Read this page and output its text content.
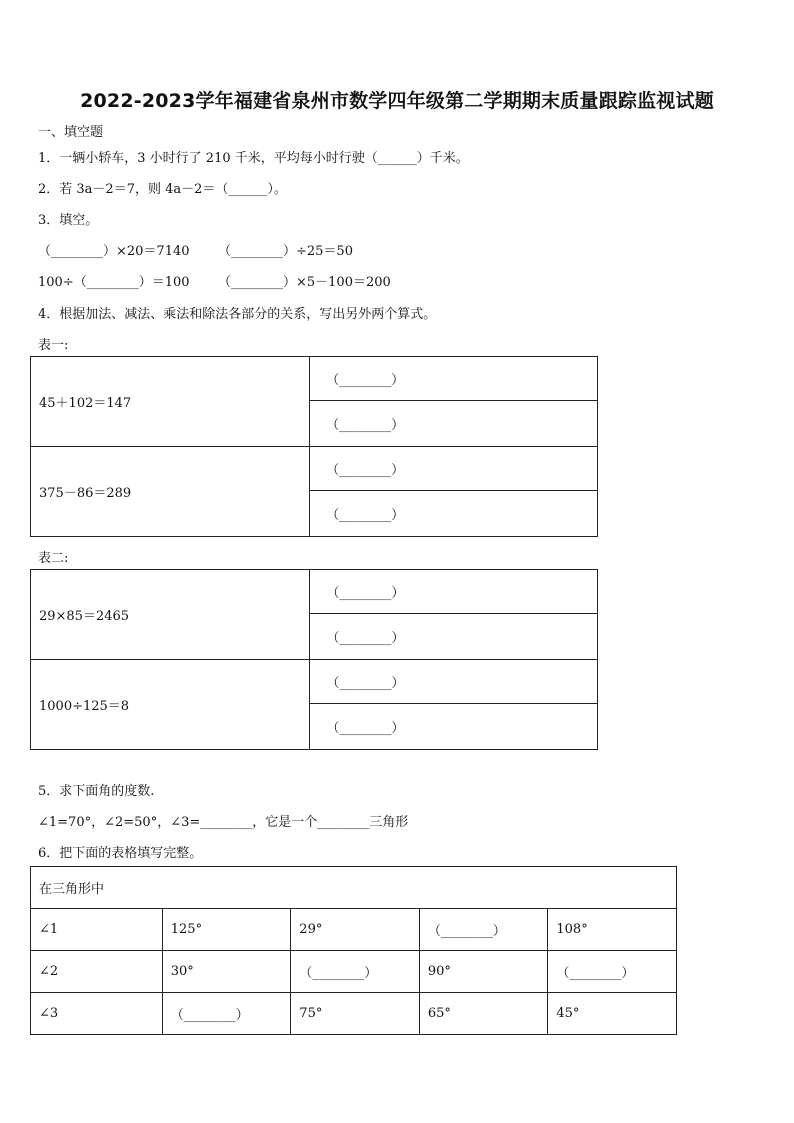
2022-2023学年福建省泉州市数学四年级第二学期期末质量跟踪监视试题
一、填空题
1．一辆小轿车，3 小时行了 210 千米，平均每小时行驶（______）千米。
2．若 3a－2＝7，则 4a－2＝（______）。
3．填空。
（________）×20＝7140 （________）÷25＝50
100÷（________）＝100 （________）×5－100＝200
4．根据加法、减法、乘法和除法各部分的关系，写出另外两个算式。
表一:
45＋102＝147	（________）
	（________）
375－86＝289	（________）
	（________）
表二:
29×85＝2465	（________）
	（________）
1000÷125＝8	（________）
	（________）
5．求下面角的度数.
∠1=70°，∠2=50°，∠3=________，它是一个________三角形
6．把下面的表格填写完整。
在三角形中				
∠1	125°	29°	（________）	108°
∠2	30°	（________）	90°	（________）
∠3	（________）	75°	65°	45°
